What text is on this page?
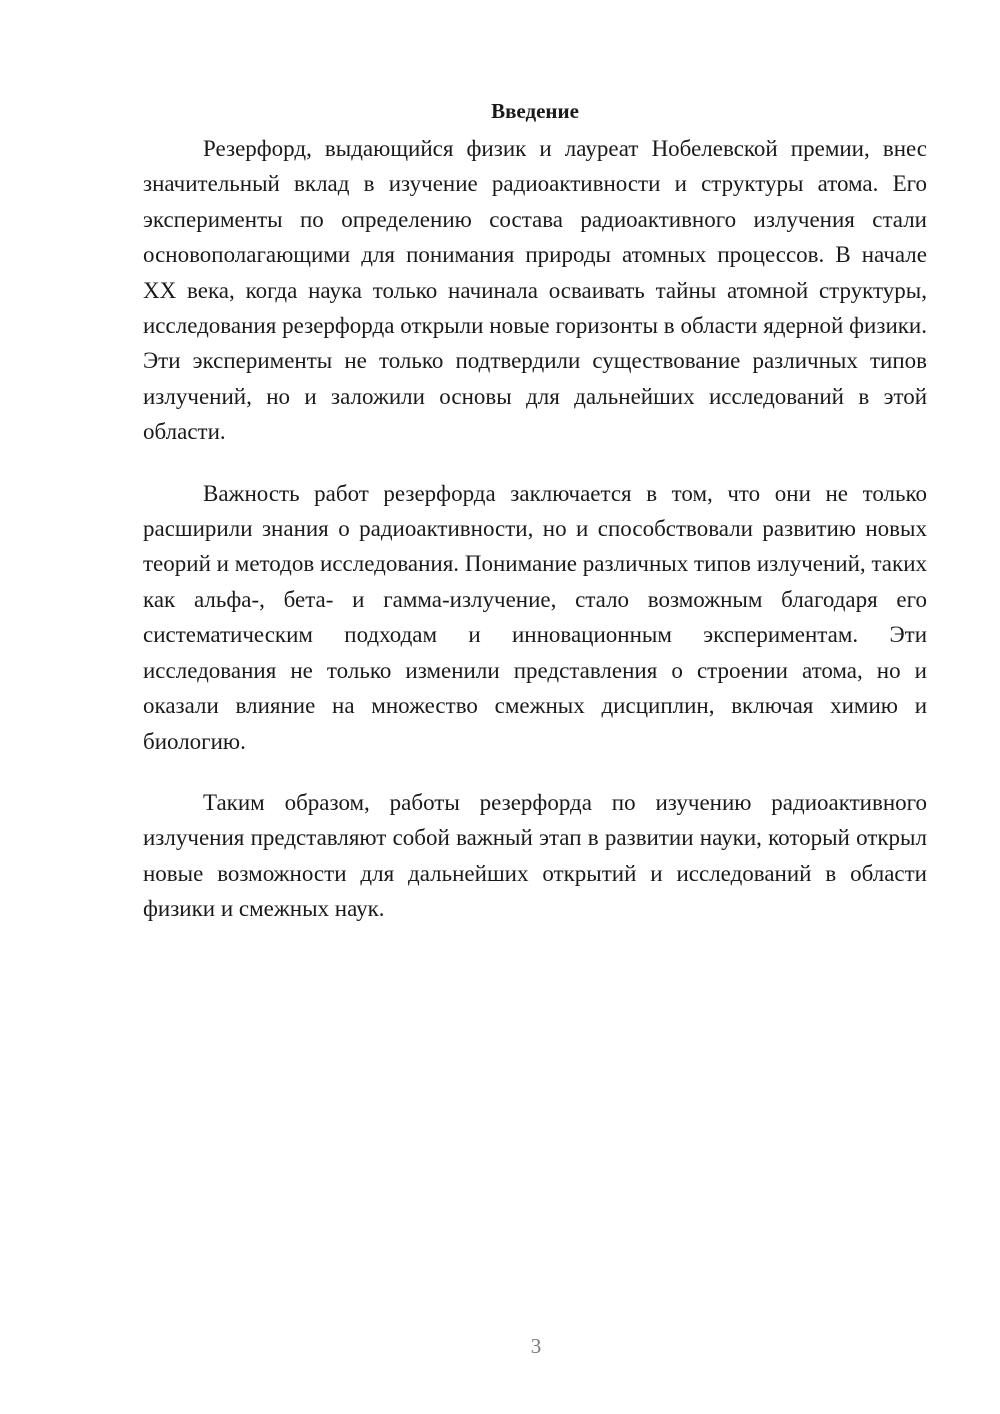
Введение

Резерфорд, выдающийся физик и лауреат Нобелевской премии, внес значительный вклад в изучение радиоактивности и структуры атома. Его эксперименты по определению состава радиоактивного излучения стали основополагающими для понимания природы атомных процессов. В начале XX века, когда наука только начинала осваивать тайны атомной структуры, исследования резерфорда открыли новые горизонты в области ядерной физики. Эти эксперименты не только подтвердили существование различных типов излучений, но и заложили основы для дальнейших исследований в этой области.

Важность работ резерфорда заключается в том, что они не только расширили знания о радиоактивности, но и способствовали развитию новых теорий и методов исследования. Понимание различных типов излучений, таких как альфа-, бета- и гамма-излучение, стало возможным благодаря его систематическим подходам и инновационным экспериментам. Эти исследования не только изменили представления о строении атома, но и оказали влияние на множество смежных дисциплин, включая химию и биологию.

Таким образом, работы резерфорда по изучению радиоактивного излучения представляют собой важный этап в развитии науки, который открыл новые возможности для дальнейших открытий и исследований в области физики и смежных наук.

3
